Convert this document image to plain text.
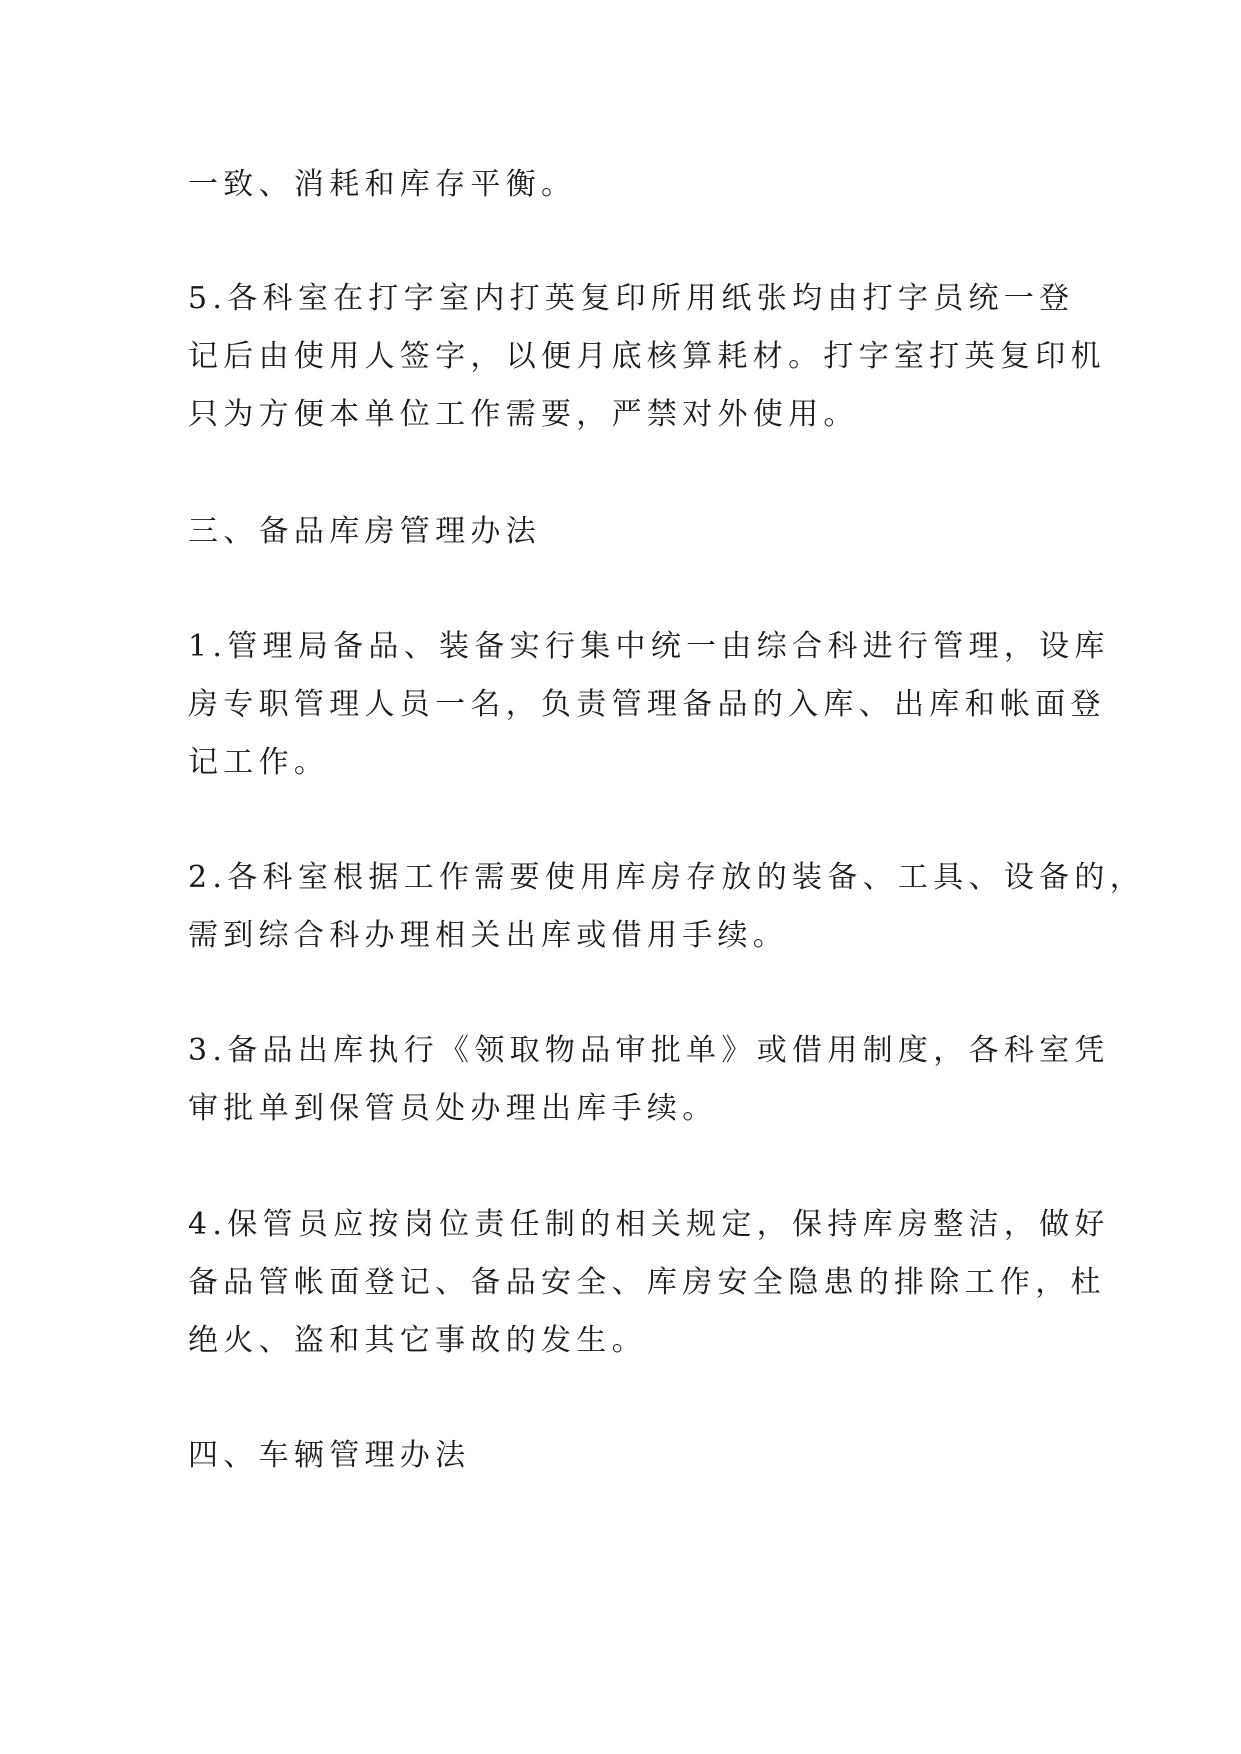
一致、消耗和库存平衡。

5.各科室在打字室内打英复印所用纸张均由打字员统一登
记后由使用人签字，以便月底核算耗材。打字室打英复印机
只为方便本单位工作需要，严禁对外使用。

三、备品库房管理办法

1.管理局备品、装备实行集中统一由综合科进行管理，设库
房专职管理人员一名，负责管理备品的入库、出库和帐面登
记工作。

2.各科室根据工作需要使用库房存放的装备、工具、设备的，
需到综合科办理相关出库或借用手续。

3.备品出库执行《领取物品审批单》或借用制度，各科室凭
审批单到保管员处办理出库手续。

4.保管员应按岗位责任制的相关规定，保持库房整洁，做好
备品管帐面登记、备品安全、库房安全隐患的排除工作，杜
绝火、盗和其它事故的发生。

四、车辆管理办法
